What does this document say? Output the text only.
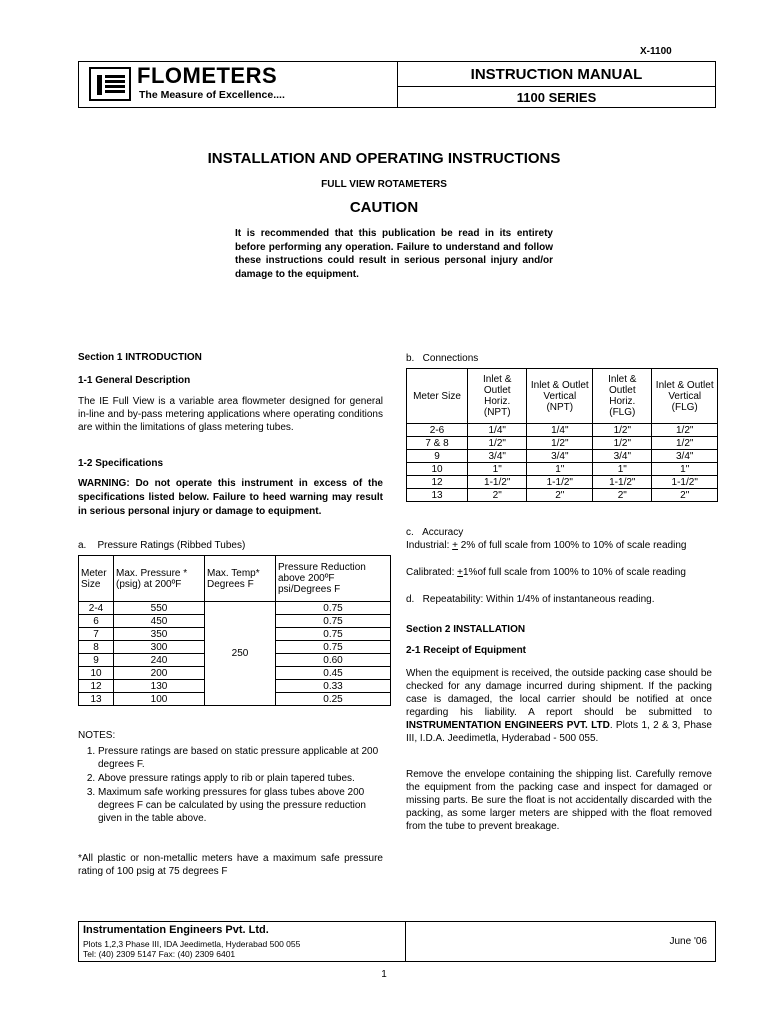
X-1100
FLOMETERS
The Measure of Excellence....
	INSTRUCTION MANUAL
1100 SERIES
INSTALLATION AND OPERATING INSTRUCTIONS
FULL VIEW ROTAMETERS
CAUTION
It is recommended that this publication be read in its entirety before performing any operation. Failure to understand and follow these instructions could result in serious personal injury and/or damage to the equipment.
Section 1 INTRODUCTION
1-1 General Description
The IE Full View is a variable area flowmeter designed for general in-line and by-pass metering applications where operating conditions are within the limitations of glass metering tubes.
1-2 Specifications
WARNING: Do not operate this instrument in excess of the specifications listed below. Failure to heed warning may result in serious personal injury or damage to equipment.
a.    Pressure Ratings (Ribbed Tubes)
Meter Size	Max. Pressure * (psig) at 200ºF	Max. Temp* Degrees F	Pressure Reduction above 200ºF psi/Degrees F
2-4	550	250	0.75
6	450		0.75
7	350		0.75
8	300		0.75
9	240		0.60
10	200		0.45
12	130		0.33
13	100		0.25
NOTES:
1. Pressure ratings are based on static pressure applicable at 200 degrees F.
2. Above pressure ratings apply to rib or plain tapered tubes.
3. Maximum safe working pressures for glass tubes above 200 degrees F can be calculated by using the pressure reduction given in the table above.
*All plastic or non-metallic meters have a maximum safe pressure rating of 100 psig at 75 degrees F
b.   Connections
Meter Size	Inlet & Outlet Horiz. (NPT)	Inlet & Outlet Vertical (NPT)	Inlet & Outlet Horiz. (FLG)	Inlet & Outlet Vertical (FLG)
2-6	1/4"	1/4"	1/2"	1/2"
7 & 8	1/2"	1/2"	1/2"	1/2"
9	3/4"	3/4"	3/4"	3/4"
10	1"	1"	1"	1"
12	1-1/2"	1-1/2"	1-1/2"	1-1/2"
13	2"	2"	2"	2"
c.   Accuracy
Industrial: + 2% of full scale from 100% to 10% of scale reading
Calibrated: +1%of full scale from 100% to 10% of scale reading
d.   Repeatability: Within 1/4% of instantaneous reading.
Section 2 INSTALLATION
2-1 Receipt of Equipment
When the equipment is received, the outside packing case should be checked for any damage incurred during shipment. If the packing case is damaged, the local carrier should be notified at once regarding his liability. A report should be submitted to INSTRUMENTATION ENGINEERS PVT. LTD. Plots 1, 2 & 3, Phase III, I.D.A. Jeedimetla, Hyderabad - 500 055.
Remove the envelope containing the shipping list. Carefully remove the equipment from the packing case and inspect for damaged or missing parts. Be sure the float is not accidentally discarded with the packing, as some larger meters are shipped with the float removed from the tube to prevent breakage.
Instrumentation Engineers Pvt. Ltd.
Plots 1,2,3 Phase III, IDA Jeedimetla, Hyderabad 500 055
Tel: (40) 2309 5147 Fax: (40) 2309 6401
	June '06
1
